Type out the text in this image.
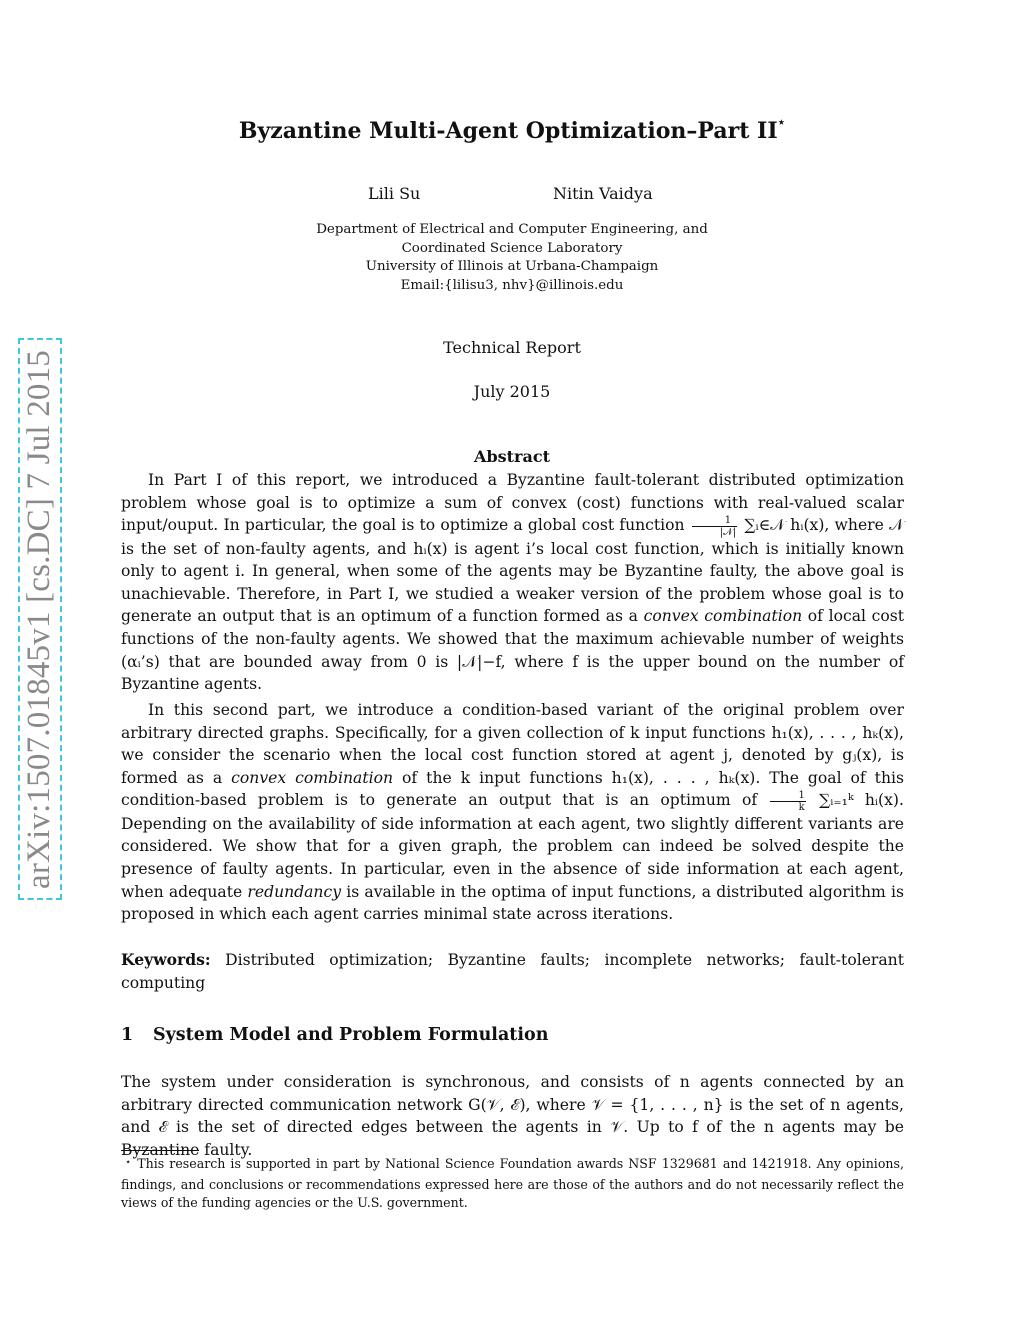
arXiv:1507.01845v1 [cs.DC] 7 Jul 2015
Byzantine Multi-Agent Optimization–Part II⋆
Lili Su	Nitin Vaidya
Department of Electrical and Computer Engineering, and
Coordinated Science Laboratory
University of Illinois at Urbana-Champaign
Email:{lilisu3, nhv}@illinois.edu
Technical Report
July 2015
Abstract

In Part I of this report, we introduced a Byzantine fault-tolerant distributed optimization problem whose goal is to optimize a sum of convex (cost) functions with real-valued scalar input/ouput. In particular, the goal is to optimize a global cost function $\frac{1}{\text{|𝒩|}}$ ∑ᵢ∈𝒩 hᵢ(x), where 𝒩 is the set of non-faulty agents, and hᵢ(x) is agent i’s local cost function, which is initially known only to agent i. In general, when some of the agents may be Byzantine faulty, the above goal is unachievable. Therefore, in Part I, we studied a weaker version of the problem whose goal is to generate an output that is an optimum of a function formed as a convex combination of local cost functions of the non-faulty agents. We showed that the maximum achievable number of weights (αᵢ’s) that are bounded away from 0 is |𝒩|−f, where f is the upper bound on the number of Byzantine agents.

In this second part, we introduce a condition-based variant of the original problem over arbitrary directed graphs. Specifically, for a given collection of k input functions h₁(x), . . . , hₖ(x), we consider the scenario when the local cost function stored at agent j, denoted by gⱼ(x), is formed as a convex combination of the k input functions h₁(x), . . . , hₖ(x). The goal of this condition-based problem is to generate an output that is an optimum of $\frac{1}{k}$ ∑ᵢ₌₁ᵏ hᵢ(x). Depending on the availability of side information at each agent, two slightly different variants are considered. We show that for a given graph, the problem can indeed be solved despite the presence of faulty agents. In particular, even in the absence of side information at each agent, when adequate redundancy is available in the optima of input functions, a distributed algorithm is proposed in which each agent carries minimal state across iterations.

Keywords: Distributed optimization; Byzantine faults; incomplete networks; fault-tolerant computing

1 System Model and Problem Formulation

The system under consideration is synchronous, and consists of n agents connected by an arbitrary directed communication network G(𝒱, ℰ), where 𝒱 = {1, . . . , n} is the set of n agents, and ℰ is the set of directed edges between the agents in 𝒱. Up to f of the n agents may be Byzantine faulty.

⋆ This research is supported in part by National Science Foundation awards NSF 1329681 and 1421918. Any opinions, findings, and conclusions or recommendations expressed here are those of the authors and do not necessarily reflect the views of the funding agencies or the U.S. government.
